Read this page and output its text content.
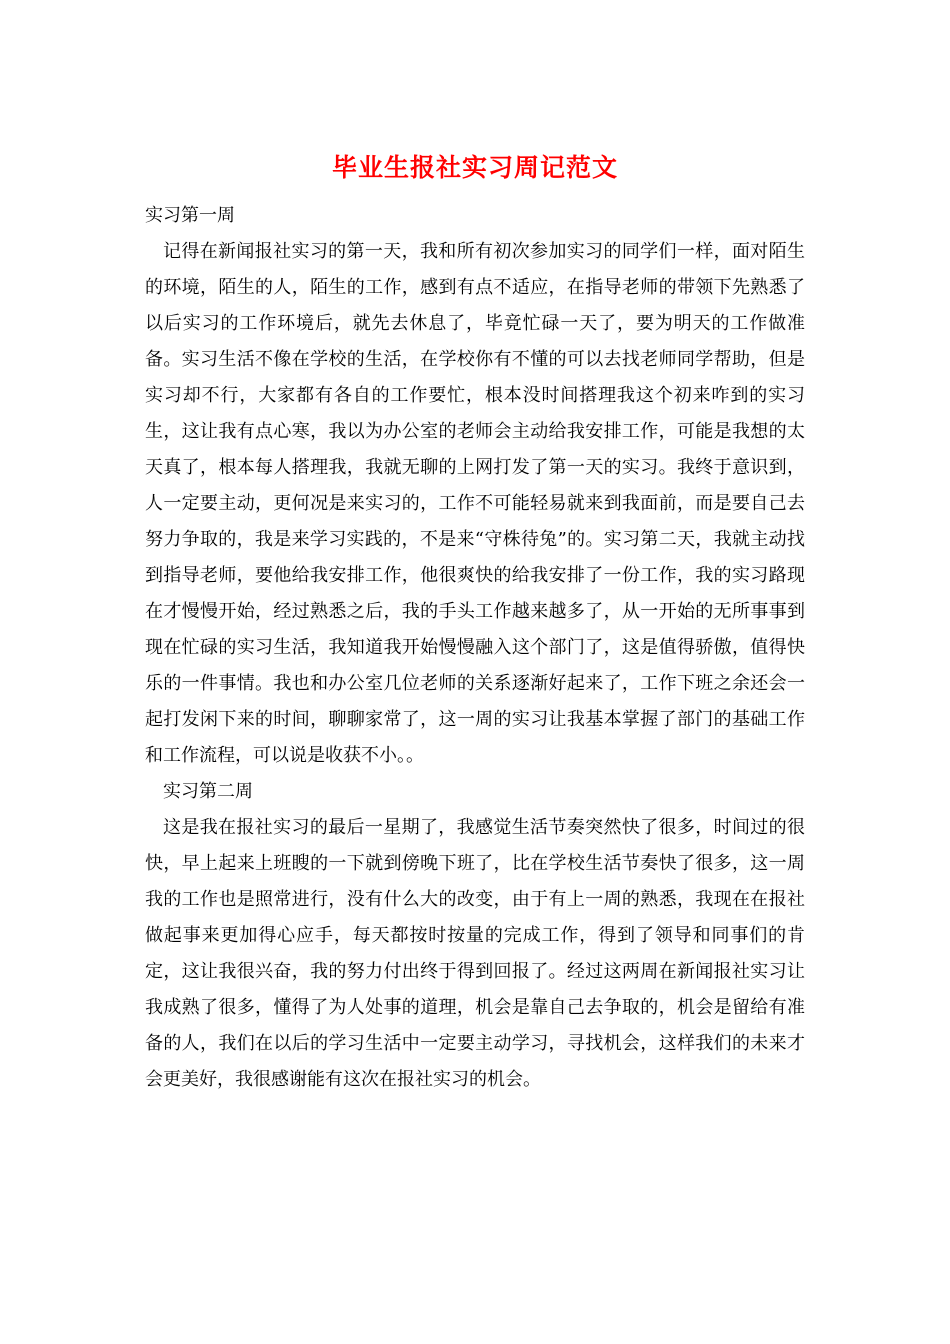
毕业生报社实习周记范文

实习第一周

记得在新闻报社实习的第一天，我和所有初次参加实习的同学们一样，面对陌生的环境，陌生的人，陌生的工作，感到有点不适应，在指导老师的带领下先熟悉了以后实习的工作环境后，就先去休息了，毕竟忙碌一天了，要为明天的工作做准备。实习生活不像在学校的生活，在学校你有不懂的可以去找老师同学帮助，但是实习却不行，大家都有各自的工作要忙，根本没时间搭理我这个初来咋到的实习生，这让我有点心寒，我以为办公室的老师会主动给我安排工作，可能是我想的太天真了，根本每人搭理我，我就无聊的上网打发了第一天的实习。我终于意识到，人一定要主动，更何况是来实习的，工作不可能轻易就来到我面前，而是要自己去努力争取的，我是来学习实践的，不是来“守株待兔”的。实习第二天，我就主动找到指导老师，要他给我安排工作，他很爽快的给我安排了一份工作，我的实习路现在才慢慢开始，经过熟悉之后，我的手头工作越来越多了，从一开始的无所事事到现在忙碌的实习生活，我知道我开始慢慢融入这个部门了，这是值得骄傲，值得快乐的一件事情。我也和办公室几位老师的关系逐渐好起来了，工作下班之余还会一起打发闲下来的时间，聊聊家常了，这一周的实习让我基本掌握了部门的基础工作和工作流程，可以说是收获不小。。

实习第二周

这是我在报社实习的最后一星期了，我感觉生活节奏突然快了很多，时间过的很快，早上起来上班瞍的一下就到傍晚下班了，比在学校生活节奏快了很多，这一周我的工作也是照常进行，没有什么大的改变，由于有上一周的熟悉，我现在在报社做起事来更加得心应手，每天都按时按量的完成工作，得到了领导和同事们的肯定，这让我很兴奋，我的努力付出终于得到回报了。经过这两周在新闻报社实习让我成熟了很多，懂得了为人处事的道理，机会是靠自己去争取的，机会是留给有准备的人，我们在以后的学习生活中一定要主动学习，寻找机会，这样我们的未来才会更美好，我很感谢能有这次在报社实习的机会。
